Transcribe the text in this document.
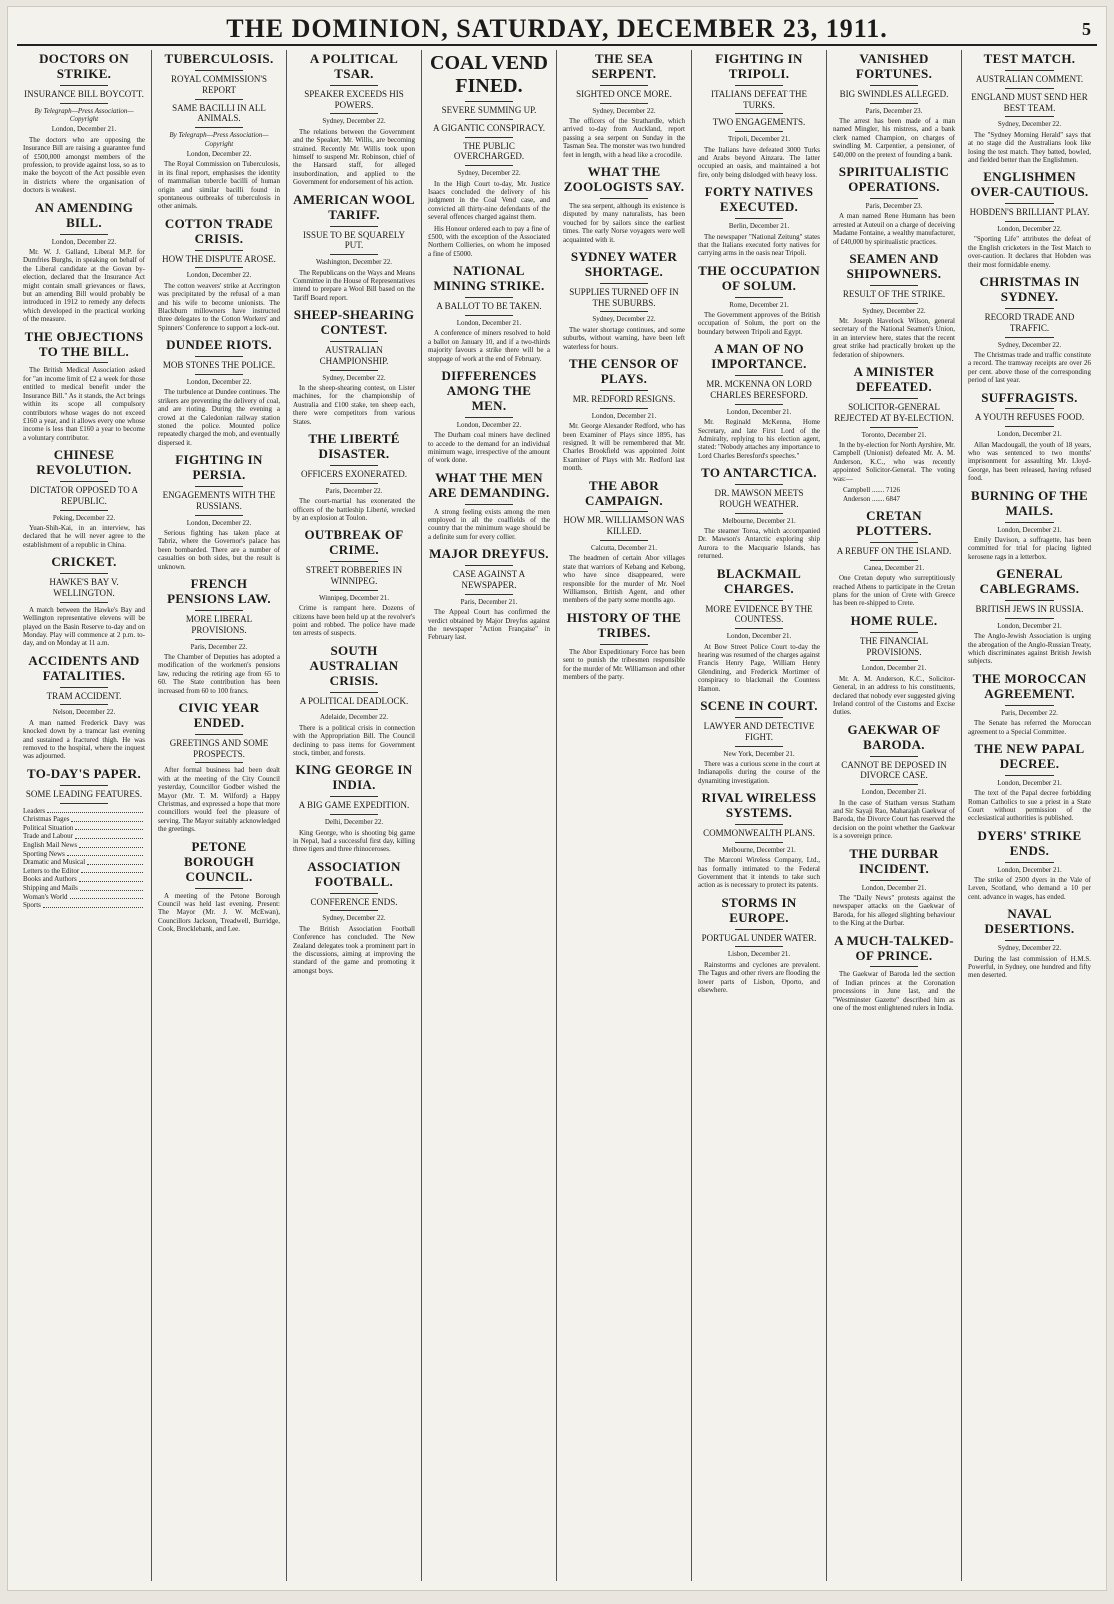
THE DOMINION, SATURDAY, DECEMBER 23, 1911.	5
DOCTORS ON STRIKE.
INSURANCE BILL BOYCOTT.
By Telegraph—Press Association—Copyright
London, December 21.

The doctors who are opposing the Insurance Bill are raising a guarantee fund of £500,000 amongst members of the profession, to provide against loss, so as to make the boycott of the Act possible even in districts where the organisation of doctors is weakest.

AN AMENDING BILL.
London, December 22.

Mr. W. J. Galland, Liberal M.P. for Dumfries Burghs, in speaking on behalf of the Liberal candidate at the Govan by-election, declared that the Insurance Act might contain small grievances or flaws, but an amending Bill would probably be introduced in 1912 to remedy any defects which developed in the practical working of the measure.

THE OBJECTIONS TO THE BILL.

The British Medical Association asked for "an income limit of £2 a week for those entitled to medical benefit under the Insurance Bill." As it stands, the Act brings within its scope all compulsory contributors whose wages do not exceed £160 a year, and it allows every one whose income is less than £160 a year to become a voluntary contributor.

CHINESE REVOLUTION.
DICTATOR OPPOSED TO A REPUBLIC.
Peking, December 22.

Yuan-Shih-Kai, in an interview, has declared that he will never agree to the establishment of a republic in China.

CRICKET.
HAWKE'S BAY V. WELLINGTON.

A match between the Hawke's Bay and Wellington representative elevens will be played on the Basin Reserve to-day and on Monday. Play will commence at 2 p.m. to-day, and on Monday at 11 a.m.

ACCIDENTS AND FATALITIES.
TRAM ACCIDENT.
Nelson, December 22.

A man named Frederick Davy was knocked down by a tramcar last evening and sustained a fractured thigh. He was removed to the hospital, where the inquest was adjourned.

TO-DAY'S PAPER.
SOME LEADING FEATURES.
Leaders
Christmas Pages
Political Situation
Trade and Labour
English Mail News
Sporting News
Dramatic and Musical
Letters to the Editor
Books and Authors
Shipping and Mails
Woman's World
Sports
TUBERCULOSIS.
ROYAL COMMISSION'S REPORT
SAME BACILLI IN ALL ANIMALS.
By Telegraph—Press Association—Copyright
London, December 22.

The Royal Commission on Tuberculosis, in its final report, emphasises the identity of mammalian tubercle bacilli of human origin and similar bacilli found in spontaneous outbreaks of tuberculosis in other animals.

COTTON TRADE CRISIS.
HOW THE DISPUTE AROSE.
London, December 22.

The cotton weavers' strike at Accrington was precipitated by the refusal of a man and his wife to become unionists. The Blackburn millowners have instructed three delegates to the Cotton Workers' and Spinners' Conference to support a lock-out.

DUNDEE RIOTS.
MOB STONES THE POLICE.
London, December 22.

The turbulence at Dundee continues. The strikers are preventing the delivery of coal, and are rioting. During the evening a crowd at the Caledonian railway station stoned the police. Mounted police repeatedly charged the mob, and eventually dispersed it.

FIGHTING IN PERSIA.
ENGAGEMENTS WITH THE RUSSIANS.
London, December 22.

Serious fighting has taken place at Tabriz, where the Governor's palace has been bombarded. There are a number of casualties on both sides, but the result is unknown.

FRENCH PENSIONS LAW.
MORE LIBERAL PROVISIONS.
Paris, December 22.

The Chamber of Deputies has adopted a modification of the workmen's pensions law, reducing the retiring age from 65 to 60. The State contribution has been increased from 60 to 100 francs.

CIVIC YEAR ENDED.
GREETINGS AND SOME PROSPECTS.

After formal business had been dealt with at the meeting of the City Council yesterday, Councillor Godber wished the Mayor (Mr. T. M. Wilford) a Happy Christmas, and expressed a hope that more councillors would feel the pleasure of serving. The Mayor suitably acknowledged the greetings.

PETONE BOROUGH COUNCIL.

A meeting of the Petone Borough Council was held last evening. Present: The Mayor (Mr. J. W. McEwan), Councillors Jackson, Treadwell, Burridge, Cook, Brocklebank, and Lee.

A POLITICAL TSAR.
SPEAKER EXCEEDS HIS POWERS.
Sydney, December 22.

The relations between the Government and the Speaker, Mr. Willis, are becoming strained. Recently Mr. Willis took upon himself to suspend Mr. Robinson, chief of the Hansard staff, for alleged insubordination, and applied to the Government for endorsement of his action.

AMERICAN WOOL TARIFF.
ISSUE TO BE SQUARELY PUT.
Washington, December 22.

The Republicans on the Ways and Means Committee in the House of Representatives intend to prepare a Wool Bill based on the Tariff Board report.

SHEEP-SHEARING CONTEST.
AUSTRALIAN CHAMPIONSHIP.
Sydney, December 22.

In the sheep-shearing contest, on Lister machines, for the championship of Australia and £100 stake, ten sheep each, there were competitors from various States.

THE LIBERTÉ DISASTER.
OFFICERS EXONERATED.
Paris, December 22.

The court-martial has exonerated the officers of the battleship Liberté, wrecked by an explosion at Toulon.

OUTBREAK OF CRIME.
STREET ROBBERIES IN WINNIPEG.
Winnipeg, December 21.

Crime is rampant here. Dozens of citizens have been held up at the revolver's point and robbed. The police have made ten arrests of suspects.

SOUTH AUSTRALIAN CRISIS.
A POLITICAL DEADLOCK.
Adelaide, December 22.

There is a political crisis in connection with the Appropriation Bill. The Council declining to pass items for Government stock, timber, and forests.

KING GEORGE IN INDIA.
A BIG GAME EXPEDITION.
Delhi, December 22.

King George, who is shooting big game in Nepal, had a successful first day, killing three tigers and three rhinoceroses.

ASSOCIATION FOOTBALL.
CONFERENCE ENDS.
Sydney, December 22.

The British Association Football Conference has concluded. The New Zealand delegates took a prominent part in the discussions, aiming at improving the standard of the game and promoting it amongst boys.

COAL VEND FINED.
SEVERE SUMMING UP.
A GIGANTIC CONSPIRACY.
THE PUBLIC OVERCHARGED.
Sydney, December 22.

In the High Court to-day, Mr. Justice Isaacs concluded the delivery of his judgment in the Coal Vend case, and convicted all thirty-nine defendants of the several offences charged against them.

His Honour ordered each to pay a fine of £500, with the exception of the Associated Northern Collieries, on whom he imposed a fine of £5000.

NATIONAL MINING STRIKE.
A BALLOT TO BE TAKEN.
London, December 21.

A conference of miners resolved to hold a ballot on January 10, and if a two-thirds majority favours a strike there will be a stoppage of work at the end of February.

DIFFERENCES AMONG THE MEN.
London, December 22.

The Durham coal miners have declined to accede to the demand for an individual minimum wage, irrespective of the amount of work done.

WHAT THE MEN ARE DEMANDING.

A strong feeling exists among the men employed in all the coalfields of the country that the minimum wage should be a definite sum for every collier.

MAJOR DREYFUS.
CASE AGAINST A NEWSPAPER.
Paris, December 21.

The Appeal Court has confirmed the verdict obtained by Major Dreyfus against the newspaper "Action Française" in February last.

THE SEA SERPENT.
SIGHTED ONCE MORE.
Sydney, December 22.

The officers of the Strathardle, which arrived to-day from Auckland, report passing a sea serpent on Sunday in the Tasman Sea. The monster was two hundred feet in length, with a head like a crocodile.

WHAT THE ZOOLOGISTS SAY.

The sea serpent, although its existence is disputed by many naturalists, has been vouched for by sailors since the earliest times. The early Norse voyagers were well acquainted with it.

SYDNEY WATER SHORTAGE.
SUPPLIES TURNED OFF IN THE SUBURBS.
Sydney, December 22.

The water shortage continues, and some suburbs, without warning, have been left waterless for hours.

THE CENSOR OF PLAYS.
MR. REDFORD RESIGNS.
London, December 21.

Mr. George Alexander Redford, who has been Examiner of Plays since 1895, has resigned. It will be remembered that Mr. Charles Brookfield was appointed Joint Examiner of Plays with Mr. Redford last month.

THE ABOR CAMPAIGN.
HOW MR. WILLIAMSON WAS KILLED.
Calcutta, December 21.

The headmen of certain Abor villages state that warriors of Kebang and Kebong, who have since disappeared, were responsible for the murder of Mr. Noel Williamson, British Agent, and other members of the party some months ago.

HISTORY OF THE TRIBES.

The Abor Expeditionary Force has been sent to punish the tribesmen responsible for the murder of Mr. Williamson and other members of the party.

FIGHTING IN TRIPOLI.
ITALIANS DEFEAT THE TURKS.
TWO ENGAGEMENTS.
Tripoli, December 21.

The Italians have defeated 3000 Turks and Arabs beyond Ainzara. The latter occupied an oasis, and maintained a hot fire, only being dislodged with heavy loss.

FORTY NATIVES EXECUTED.
Berlin, December 21.

The newspaper "National Zeitung" states that the Italians executed forty natives for carrying arms in the oasis near Tripoli.

THE OCCUPATION OF SOLUM.
Rome, December 21.

The Government approves of the British occupation of Solum, the port on the boundary between Tripoli and Egypt.

A MAN OF NO IMPORTANCE.
MR. MCKENNA ON LORD CHARLES BERESFORD.
London, December 21.

Mr. Reginald McKenna, Home Secretary, and late First Lord of the Admiralty, replying to his election agent, stated: "Nobody attaches any importance to Lord Charles Beresford's speeches."

TO ANTARCTICA.
DR. MAWSON MEETS ROUGH WEATHER.
Melbourne, December 21.

The steamer Toroa, which accompanied Dr. Mawson's Antarctic exploring ship Aurora to the Macquarie Islands, has returned.

BLACKMAIL CHARGES.
MORE EVIDENCE BY THE COUNTESS.
London, December 21.

At Bow Street Police Court to-day the hearing was resumed of the charges against Francis Henry Page, William Henry Glendining, and Frederick Mortimer of conspiracy to blackmail the Countess Hamon.

SCENE IN COURT.
LAWYER AND DETECTIVE FIGHT.
New York, December 21.

There was a curious scene in the court at Indianapolis during the course of the dynamiting investigation.

RIVAL WIRELESS SYSTEMS.
COMMONWEALTH PLANS.
Melbourne, December 21.

The Marconi Wireless Company, Ltd., has formally intimated to the Federal Government that it intends to take such action as is necessary to protect its patents.

STORMS IN EUROPE.
PORTUGAL UNDER WATER.
Lisbon, December 21.

Rainstorms and cyclones are prevalent. The Tagus and other rivers are flooding the lower parts of Lisbon, Oporto, and elsewhere.

VANISHED FORTUNES.
BIG SWINDLES ALLEGED.
Paris, December 23.

The arrest has been made of a man named Mingler, his mistress, and a bank clerk named Champion, on charges of swindling M. Carpentier, a pensioner, of £40,000 on the pretext of founding a bank.

SPIRITUALISTIC OPERATIONS.
Paris, December 23.

A man named Rene Humann has been arrested at Auteuil on a charge of deceiving Madame Fontaine, a wealthy manufacturer, of £40,000 by spiritualistic practices.

SEAMEN AND SHIPOWNERS.
RESULT OF THE STRIKE.
Sydney, December 22.

Mr. Joseph Havelock Wilson, general secretary of the National Seamen's Union, in an interview here, states that the recent great strike had practically broken up the federation of shipowners.

A MINISTER DEFEATED.
SOLICITOR-GENERAL REJECTED AT BY-ELECTION.
Toronto, December 21.

In the by-election for North Ayrshire, Mr. Campbell (Unionist) defeated Mr. A. M. Anderson, K.C., who was recently appointed Solicitor-General. The voting was:—

Campbell ....... 7126
Anderson ....... 6847
CRETAN PLOTTERS.
A REBUFF ON THE ISLAND.
Canea, December 21.

One Cretan deputy who surreptitiously reached Athens to participate in the Cretan plans for the union of Crete with Greece has been re-shipped to Crete.

HOME RULE.
THE FINANCIAL PROVISIONS.
London, December 21.

Mr. A. M. Anderson, K.C., Solicitor-General, in an address to his constituents, declared that nobody ever suggested giving Ireland control of the Customs and Excise duties.

GAEKWAR OF BARODA.
CANNOT BE DEPOSED IN DIVORCE CASE.
London, December 21.

In the case of Statham versus Statham and Sir Sayaji Rao, Maharajah Gaekwar of Baroda, the Divorce Court has reserved the decision on the point whether the Gaekwar is a sovereign prince.

THE DURBAR INCIDENT.
London, December 21.

The "Daily News" protests against the newspaper attacks on the Gaekwar of Baroda, for his alleged slighting behaviour to the King at the Durbar.

A MUCH-TALKED-OF PRINCE.

The Gaekwar of Baroda led the section of Indian princes at the Coronation processions in June last, and the "Westminster Gazette" described him as one of the most enlightened rulers in India.

TEST MATCH.
AUSTRALIAN COMMENT.
ENGLAND MUST SEND HER BEST TEAM.
Sydney, December 22.

The "Sydney Morning Herald" says that at no stage did the Australians look like losing the test match. They batted, bowled, and fielded better than the Englishmen.

ENGLISHMEN OVER-CAUTIOUS.
HOBDEN'S BRILLIANT PLAY.
London, December 22.

"Sporting Life" attributes the defeat of the English cricketers in the Test Match to over-caution. It declares that Hobden was their most formidable enemy.

CHRISTMAS IN SYDNEY.
RECORD TRADE AND TRAFFIC.
Sydney, December 22.

The Christmas trade and traffic constitute a record. The tramway receipts are over 26 per cent. above those of the corresponding period of last year.

SUFFRAGISTS.
A YOUTH REFUSES FOOD.
London, December 21.

Allan Macdougall, the youth of 18 years, who was sentenced to two months' imprisonment for assaulting Mr. Lloyd-George, has been released, having refused food.

BURNING OF THE MAILS.
London, December 21.

Emily Davison, a suffragette, has been committed for trial for placing lighted kerosene rags in a letterbox.

GENERAL CABLEGRAMS.
BRITISH JEWS IN RUSSIA.
London, December 21.

The Anglo-Jewish Association is urging the abrogation of the Anglo-Russian Treaty, which discriminates against British Jewish subjects.

THE MOROCCAN AGREEMENT.
Paris, December 22.

The Senate has referred the Moroccan agreement to a Special Committee.

THE NEW PAPAL DECREE.
London, December 21.

The text of the Papal decree forbidding Roman Catholics to sue a priest in a State Court without permission of the ecclesiastical authorities is published.

DYERS' STRIKE ENDS.
London, December 21.

The strike of 2500 dyers in the Vale of Leven, Scotland, who demand a 10 per cent. advance in wages, has ended.

NAVAL DESERTIONS.
Sydney, December 22.

During the last commission of H.M.S. Powerful, in Sydney, one hundred and fifty men deserted.
